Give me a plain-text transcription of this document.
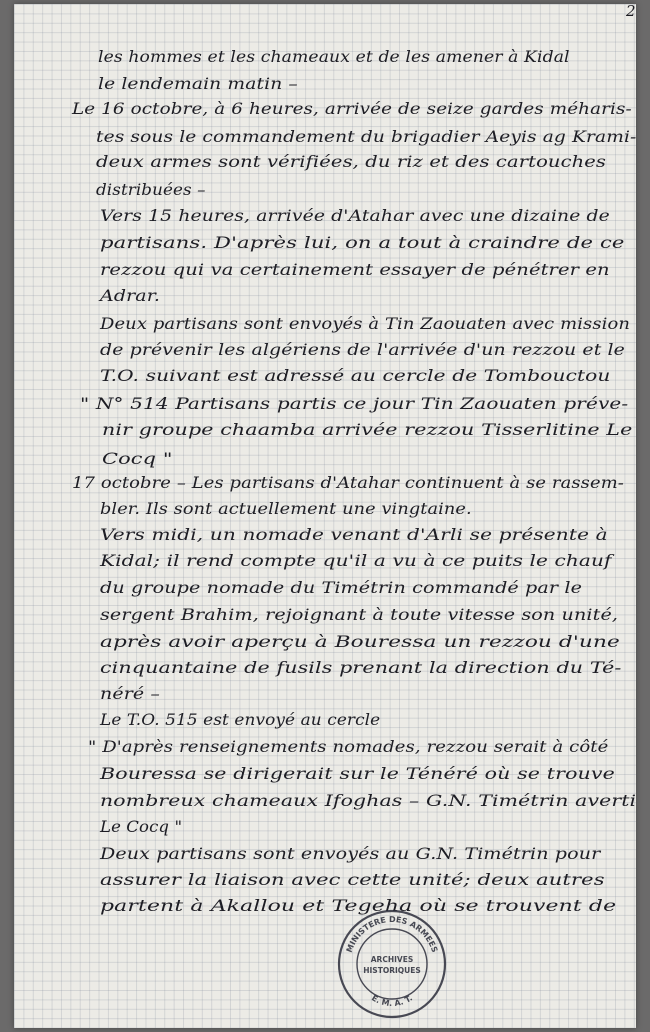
2
les hommes et les chameaux et de les amener à Kidal
le lendemain matin –
Le 16 octobre, à 6 heures, arrivée de seize gardes méharis-
tes sous le commandement du brigadier Aeyis ag Krami-
deux armes sont vérifiées, du riz et des cartouches
distribuées –
Vers 15 heures, arrivée d'Atahar avec une dizaine de
partisans. D'après lui, on a tout à craindre de ce
rezzou qui va certainement essayer de pénétrer en
Adrar.
Deux partisans sont envoyés à Tin Zaouaten avec mission
de prévenir les algériens de l'arrivée d'un rezzou et le
T.O. suivant est adressé au cercle de Tombouctou
" N° 514 Partisans partis ce jour Tin Zaouaten préve-
nir groupe chaamba arrivée rezzou Tisserlitine Le
Cocq "
17 octobre – Les partisans d'Atahar continuent à se rassem-
bler. Ils sont actuellement une vingtaine.
Vers midi, un nomade venant d'Arli se présente à
Kidal; il rend compte qu'il a vu à ce puits le chauf
du groupe nomade du Timétrin commandé par le
sergent Brahim, rejoignant à toute vitesse son unité,
après avoir aperçu à Bouressa un rezzou d'une
cinquantaine de fusils prenant la direction du Té-
néré –
Le T.O. 515 est envoyé au cercle
" D'après renseignements nomades, rezzou serait à côté
Bouressa se dirigerait sur le Ténéré où se trouve
nombreux chameaux Ifoghas – G.N. Timétrin averti
Le Cocq "
Deux partisans sont envoyés au G.N. Timétrin pour
assurer la liaison avec cette unité; deux autres
partent à Akallou et Tegeha où se trouvent de
MINISTERE DES ARMEES
E. M. A. T.
ARCHIVES
HISTORIQUES
